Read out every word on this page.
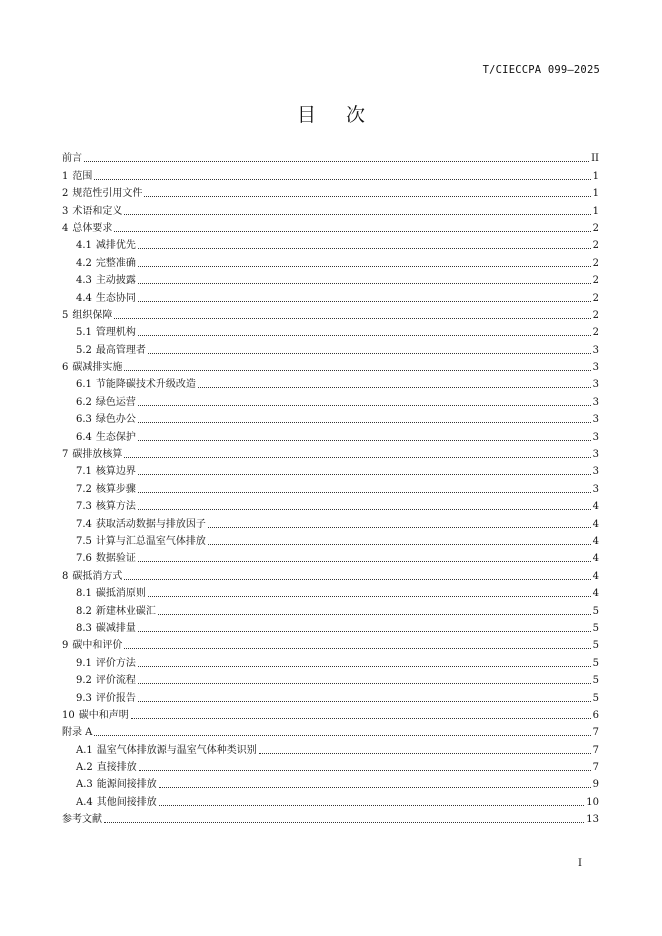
T/CIECCPA 099—2025
目次
前言	II
1 范围	1
2 规范性引用文件	1
3 术语和定义	1
4 总体要求	2
4.1 减排优先	2
4.2 完整准确	2
4.3 主动披露	2
4.4 生态协同	2
5 组织保障	2
5.1 管理机构	2
5.2 最高管理者	3
6 碳减排实施	3
6.1 节能降碳技术升级改造	3
6.2 绿色运营	3
6.3 绿色办公	3
6.4 生态保护	3
7 碳排放核算	3
7.1 核算边界	3
7.2 核算步骤	3
7.3 核算方法	4
7.4 获取活动数据与排放因子	4
7.5 计算与汇总温室气体排放	4
7.6 数据验证	4
8 碳抵消方式	4
8.1 碳抵消原则	4
8.2 新建林业碳汇	5
8.3 碳减排量	5
9 碳中和评价	5
9.1 评价方法	5
9.2 评价流程	5
9.3 评价报告	5
10 碳中和声明	6
附录 A	7
A.1 温室气体排放源与温室气体种类识别	7
A.2 直接排放	7
A.3 能源间接排放	9
A.4 其他间接排放	10
参考文献	13
I
